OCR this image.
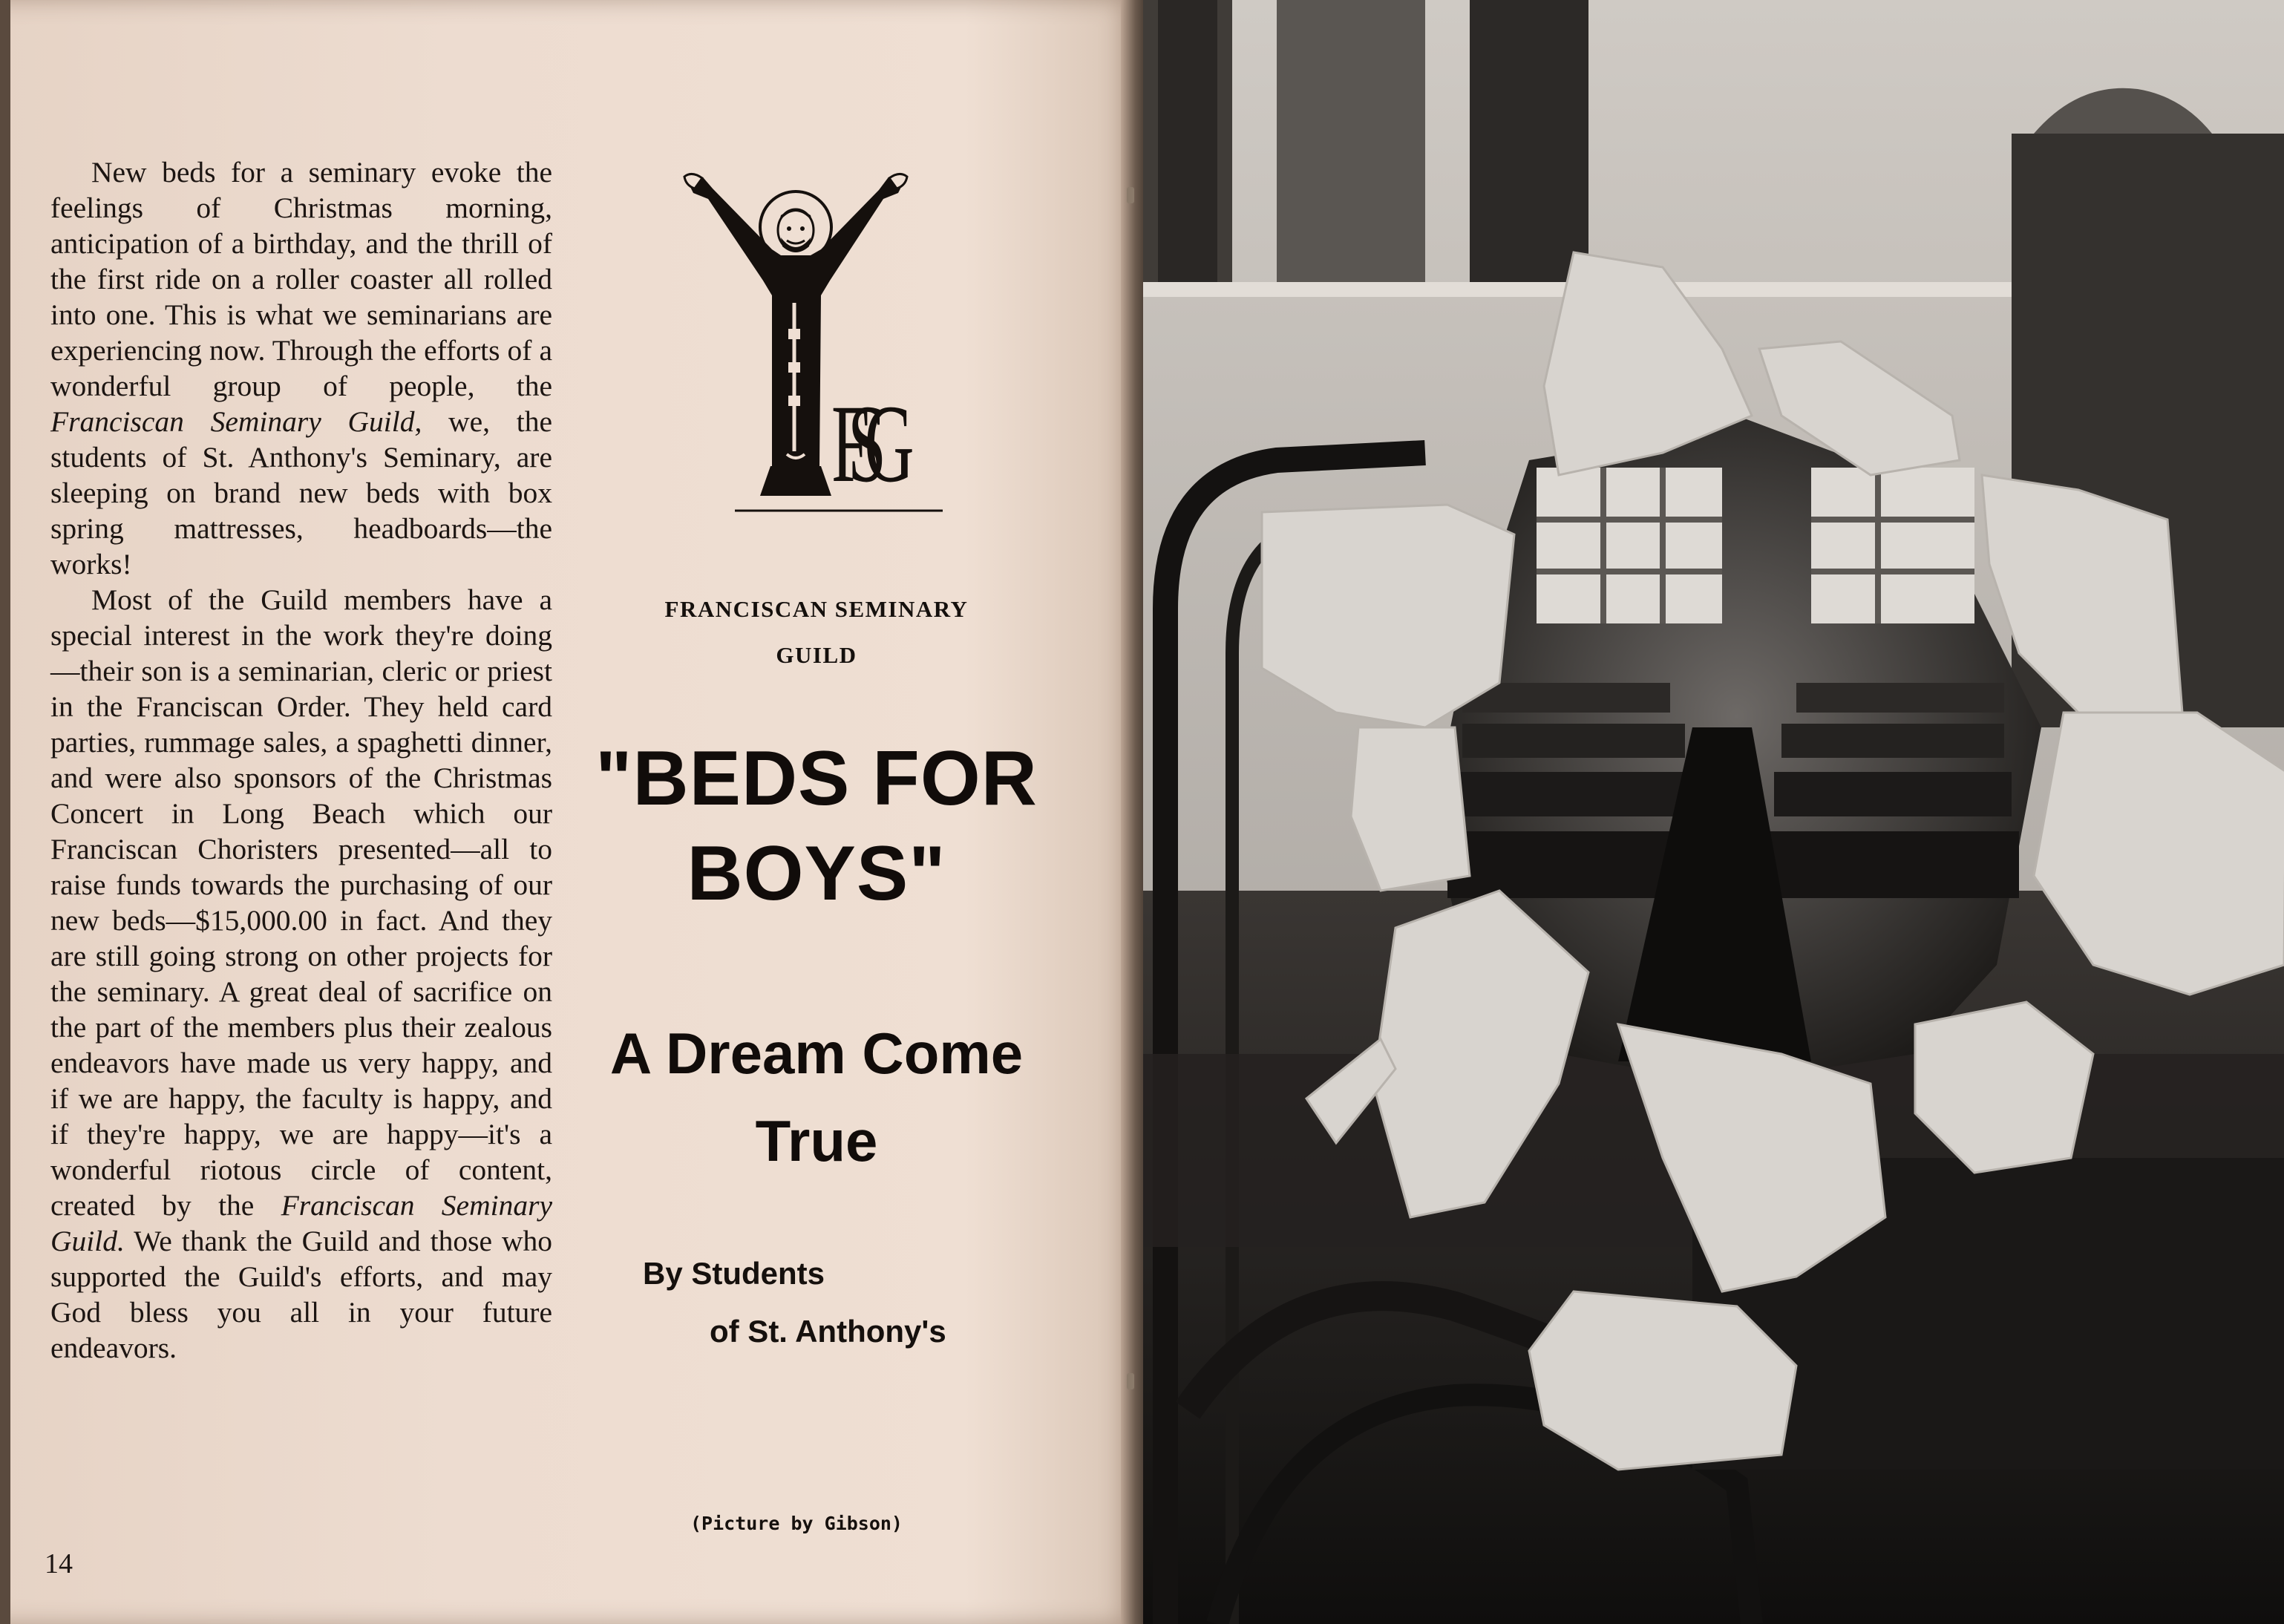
New beds for a seminary evoke the feelings of Christmas morning, anticipation of a birthday, and the thrill of the first ride on a roller coaster all rolled into one. This is what we seminarians are experiencing now. Through the efforts of a wonderful group of people, the Franciscan Seminary Guild, we, the students of St. Anthony's Seminary, are sleeping on brand new beds with box spring mattresses, headboards—the works!

Most of the Guild members have a special interest in the work they're doing—their son is a seminarian, cleric or priest in the Franciscan Order. They held card parties, rummage sales, a spaghetti dinner, and were also sponsors of the Christmas Concert in Long Beach which our Franciscan Choristers presented—all to raise funds towards the purchasing of our new beds—$15,000.00 in fact. And they are still going strong on other projects for the seminary. A great deal of sacrifice on the part of the members plus their zealous endeavors have made us very happy, and if we are happy, the faculty is happy, and if they're happy, we are happy—it's a wonderful riotous circle of content, created by the Franciscan Seminary Guild. We thank the Guild and those who supported the Guild's efforts, and may God bless you all in your future endeavors.

14
FSG
FRANCISCAN SEMINARY
GUILD
"BEDS FOR
BOYS"
A Dream Come
True
By Students
of St. Anthony's
(Picture by Gibson)
